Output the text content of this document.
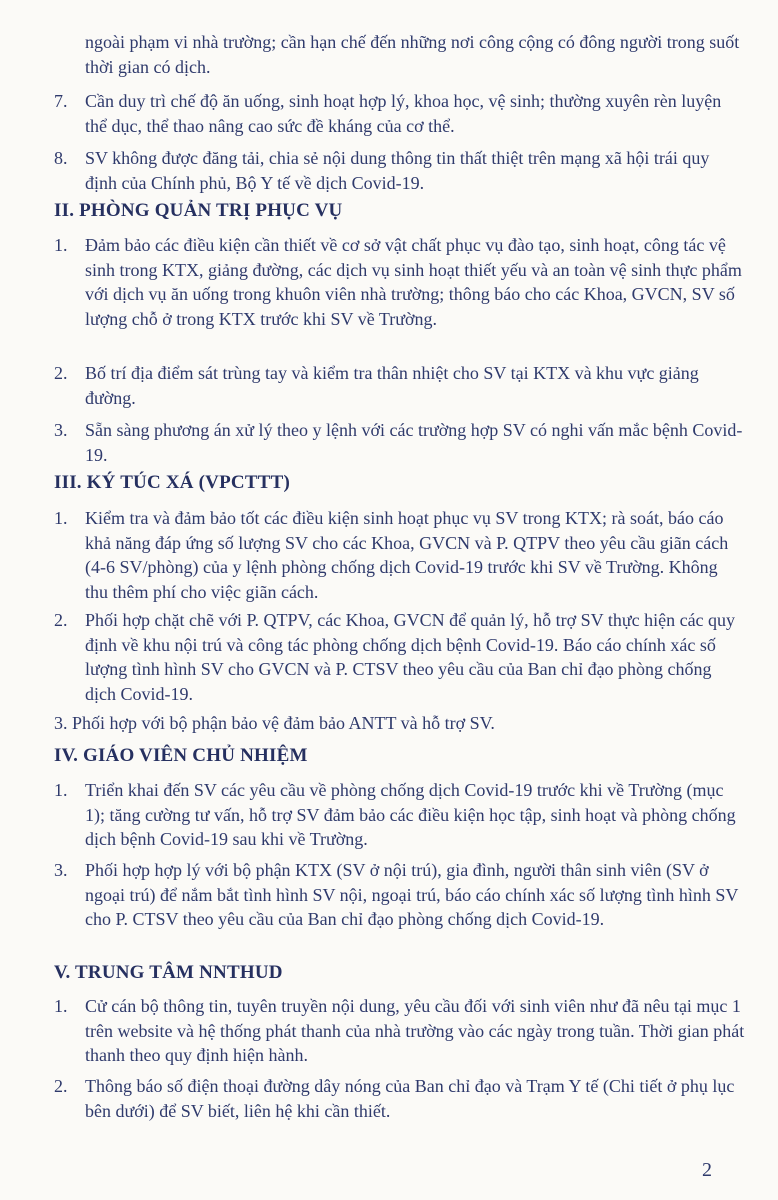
ngoài phạm vi nhà trường; cần hạn chế đến những nơi công cộng có đông người trong suốt thời gian có dịch.
7. Cần duy trì chế độ ăn uống, sinh hoạt hợp lý, khoa học, vệ sinh; thường xuyên rèn luyện thể dục, thể thao nâng cao sức đề kháng của cơ thể.
8. SV không được đăng tải, chia sẻ nội dung thông tin thất thiệt trên mạng xã hội trái quy định của Chính phủ, Bộ Y tế về dịch Covid-19.
II. PHÒNG QUẢN TRỊ PHỤC VỤ
1. Đảm bảo các điều kiện cần thiết về cơ sở vật chất phục vụ đào tạo, sinh hoạt, công tác vệ sinh trong KTX, giảng đường, các dịch vụ sinh hoạt thiết yếu và an toàn vệ sinh thực phẩm với dịch vụ ăn uống trong khuôn viên nhà trường; thông báo cho các Khoa, GVCN, SV số lượng chỗ ở trong KTX trước khi SV về Trường.
2. Bố trí địa điểm sát trùng tay và kiểm tra thân nhiệt cho SV tại KTX và khu vực giảng đường.
3. Sẵn sàng phương án xử lý theo y lệnh với các trường hợp SV có nghi vấn mắc bệnh Covid-19.
III. KÝ TÚC XÁ (VPCTTT)
1. Kiểm tra và đảm bảo tốt các điều kiện sinh hoạt phục vụ SV trong KTX; rà soát, báo cáo khả năng đáp ứng số lượng SV cho các Khoa, GVCN và P. QTPV theo yêu cầu giãn cách (4-6 SV/phòng) của y lệnh phòng chống dịch Covid-19 trước khi SV về Trường. Không thu thêm phí cho việc giãn cách.
2. Phối hợp chặt chẽ với P. QTPV, các Khoa, GVCN để quản lý, hỗ trợ SV thực hiện các quy định về khu nội trú và công tác phòng chống dịch bệnh Covid-19. Báo cáo chính xác số lượng tình hình SV cho GVCN và P. CTSV theo yêu cầu của Ban chỉ đạo phòng chống dịch Covid-19.
3. Phối hợp với bộ phận bảo vệ đảm bảo ANTT và hỗ trợ SV.
IV. GIÁO VIÊN CHỦ NHIỆM
1. Triển khai đến SV các yêu cầu về phòng chống dịch Covid-19 trước khi về Trường (mục 1); tăng cường tư vấn, hỗ trợ SV đảm bảo các điều kiện học tập, sinh hoạt và phòng chống dịch bệnh Covid-19 sau khi về Trường.
3. Phối hợp hợp lý với bộ phận KTX (SV ở nội trú), gia đình, người thân sinh viên (SV ở ngoại trú) để nắm bắt tình hình SV nội, ngoại trú, báo cáo chính xác số lượng tình hình SV cho P. CTSV theo yêu cầu của Ban chỉ đạo phòng chống dịch Covid-19.
V. TRUNG TÂM NNTHUD
1. Cử cán bộ thông tin, tuyên truyền nội dung, yêu cầu đối với sinh viên như đã nêu tại mục 1 trên website và hệ thống phát thanh của nhà trường vào các ngày trong tuần. Thời gian phát thanh theo quy định hiện hành.
2. Thông báo số điện thoại đường dây nóng của Ban chỉ đạo và Trạm Y tế (Chi tiết ở phụ lục bên dưới) để SV biết, liên hệ khi cần thiết.
2
